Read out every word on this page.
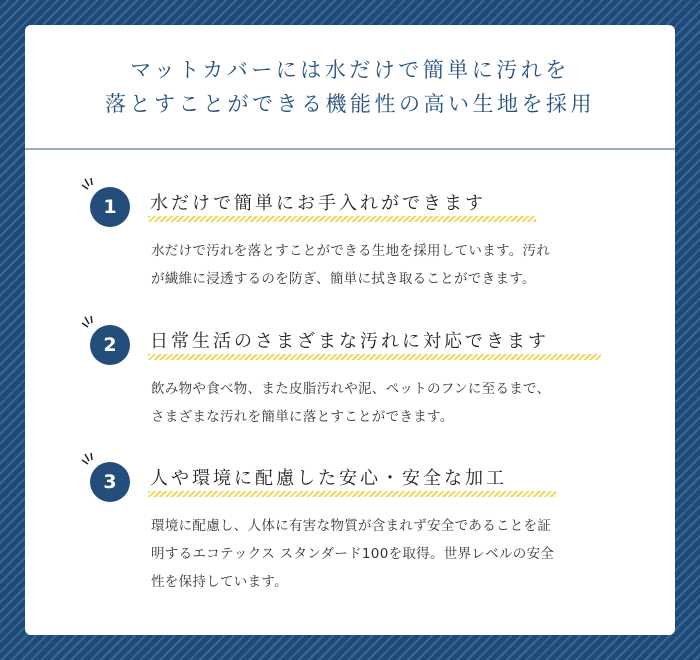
マットカバーには水だけで簡単に汚れを
落とすことができる機能性の高い生地を採用
1	水だけで簡単にお手入れができます
水だけで汚れを落とすことができる生地を採用しています。汚れ
が繊維に浸透するのを防ぎ、簡単に拭き取ることができます。
2	日常生活のさまざまな汚れに対応できます
飲み物や食べ物、また皮脂汚れや泥、ペットのフンに至るまで、
さまざまな汚れを簡単に落とすことができます。
3	人や環境に配慮した安心・安全な加工
環境に配慮し、人体に有害な物質が含まれず安全であることを証
明するエコテックス スタンダード100を取得。世界レベルの安全
性を保持しています。
